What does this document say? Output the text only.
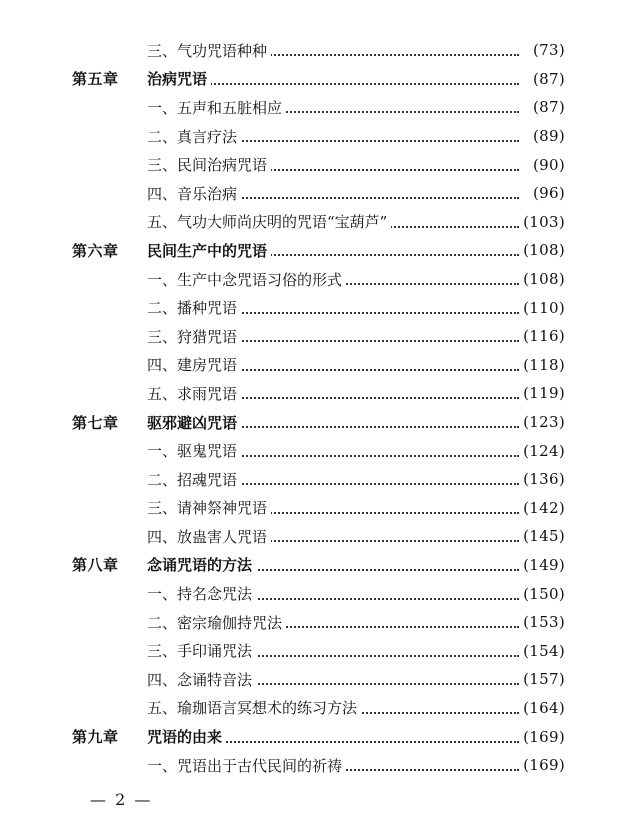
三、气功咒语种种	(73)
第五章 治病咒语	(87)
一、五声和五脏相应	(87)
二、真言疗法	(89)
三、民间治病咒语	(90)
四、音乐治病	(96)
五、气功大师尚庆明的咒语“宝葫芦”	(103)
第六章 民间生产中的咒语	(108)
一、生产中念咒语习俗的形式	(108)
二、播种咒语	(110)
三、狩猎咒语	(116)
四、建房咒语	(118)
五、求雨咒语	(119)
第七章 驱邪避凶咒语	(123)
一、驱鬼咒语	(124)
二、招魂咒语	(136)
三、请神祭神咒语	(142)
四、放蛊害人咒语	(145)
第八章 念诵咒语的方法	(149)
一、持名念咒法	(150)
二、密宗瑜伽持咒法	(153)
三、手印诵咒法	(154)
四、念诵特音法	(157)
五、瑜珈语言冥想术的练习方法	(164)
第九章 咒语的由来	(169)
一、咒语出于古代民间的祈祷	(169)
— 2 —
